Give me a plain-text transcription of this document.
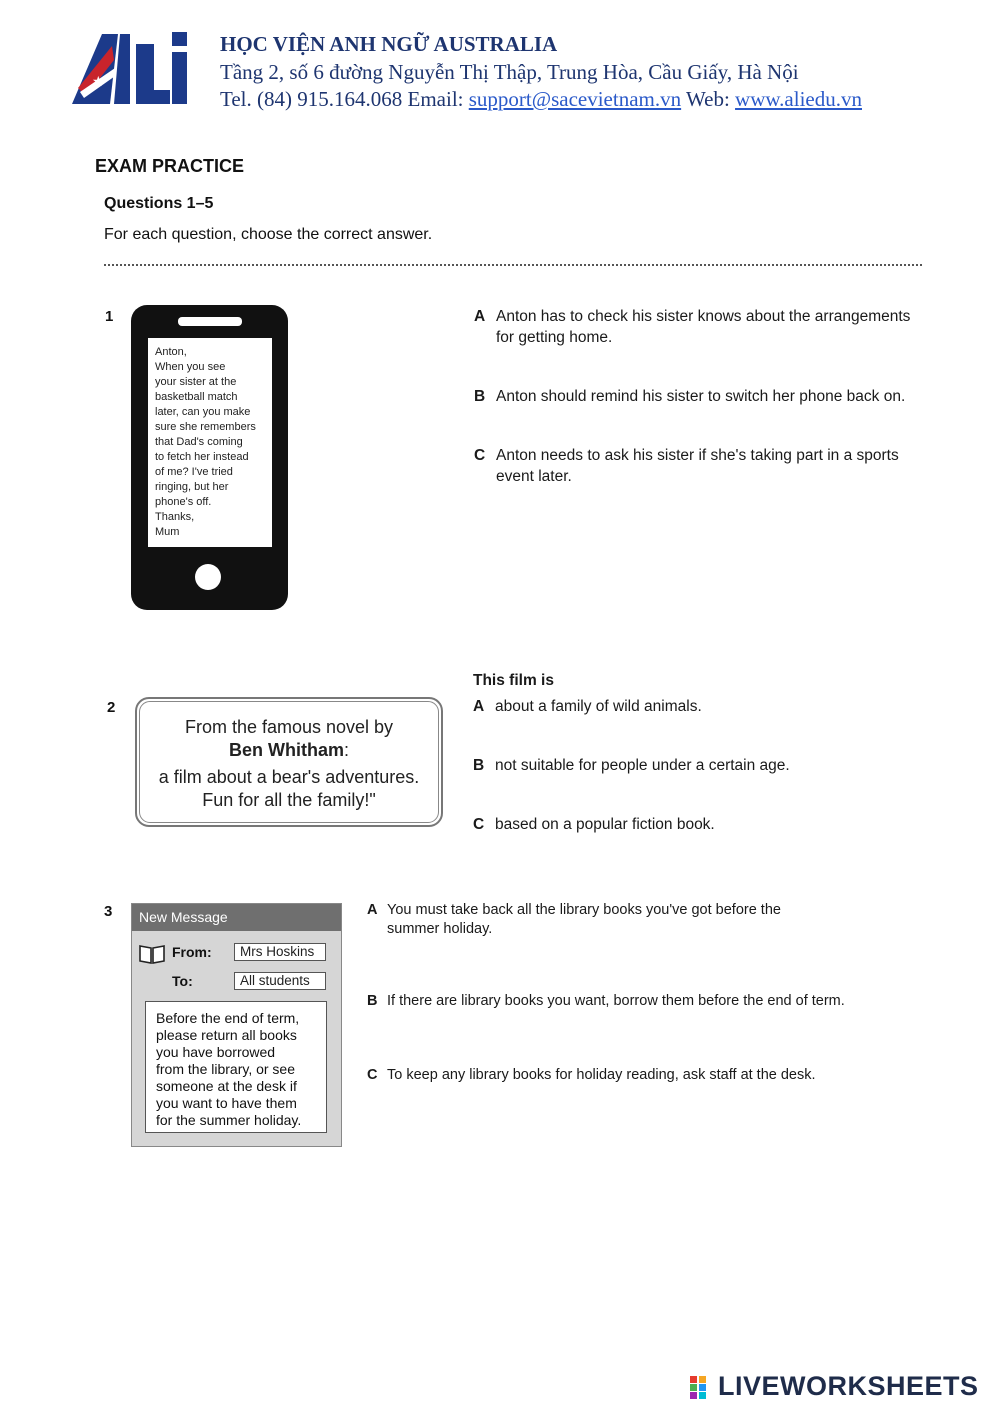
★
HỌC VIỆN ANH NGỮ AUSTRALIA
Tầng 2, số 6 đường Nguyễn Thị Thập, Trung Hòa, Cầu Giấy, Hà Nội
Tel. (84) 915.164.068 Email: support@sacevietnam.vn Web: www.aliedu.vn
EXAM PRACTICE
Questions 1–5
For each question, choose the correct answer.
1
Anton,
When you see
your sister at the
basketball match
later, can you make
sure she remembers
that Dad's coming
to fetch her instead
of me? I've tried
ringing, but her
phone's off.
Thanks,
Mum
A Anton has to check his sister knows about the arrangements
for getting home.
B Anton should remind his sister to switch her phone back on.
C Anton needs to ask his sister if she's taking part in a sports
event later.
2
From the famous novel by
Ben Whitham:
a film about a bear's adventures.
Fun for all the family!"
This film is
A about a family of wild animals.
B not suitable for people under a certain age.
C based on a popular fiction book.
3 New Message
From:	Mrs Hoskins
To:	All students
Before the end of term,
please return all books
you have borrowed
from the library, or see
someone at the desk if
you want to have them
for the summer holiday.
A You must take back all the library books you've got before the
summer holiday.
B If there are library books you want, borrow them before the end of term.
C To keep any library books for holiday reading, ask staff at the desk.
LIVEWORKSHEETS
